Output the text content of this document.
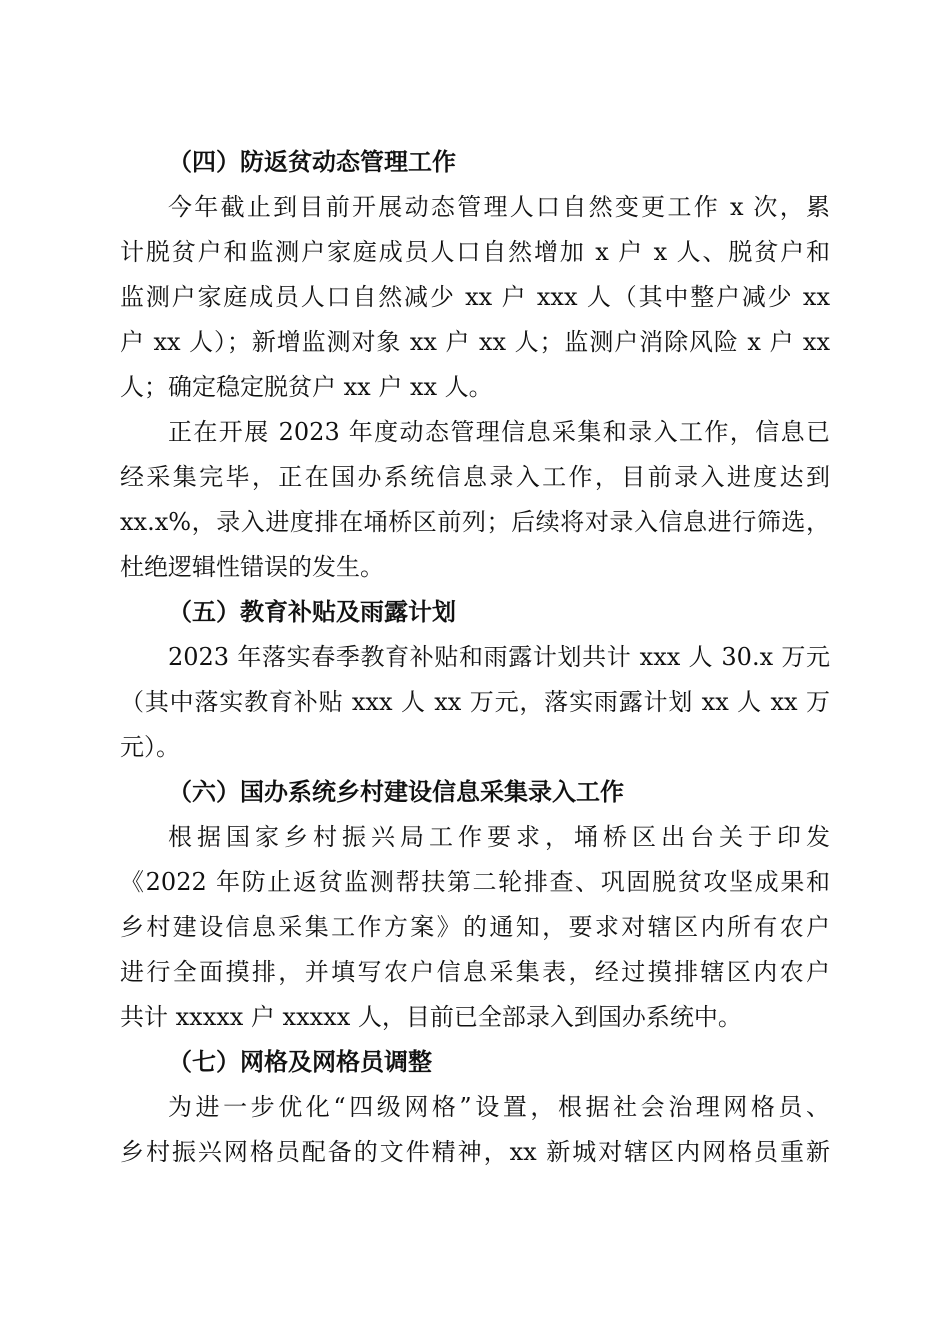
（四）防返贫动态管理工作
今年截止到目前开展动态管理人口自然变更工作 x 次，累
计脱贫户和监测户家庭成员人口自然增加 x 户 x 人、脱贫户和
监测户家庭成员人口自然减少 xx 户 xxx 人（其中整户减少 xx
户 xx 人）；新增监测对象 xx 户 xx 人；监测户消除风险 x 户 xx
人；确定稳定脱贫户 xx 户 xx 人。
正在开展 2023 年度动态管理信息采集和录入工作，信息已
经采集完毕，正在国办系统信息录入工作，目前录入进度达到
xx.x%，录入进度排在埇桥区前列；后续将对录入信息进行筛选，
杜绝逻辑性错误的发生。
（五）教育补贴及雨露计划
2023 年落实春季教育补贴和雨露计划共计 xxx 人 30.x 万元
（其中落实教育补贴 xxx 人 xx 万元，落实雨露计划 xx 人 xx 万
元）。
（六）国办系统乡村建设信息采集录入工作
根据国家乡村振兴局工作要求，埇桥区出台关于印发
《2022 年防止返贫监测帮扶第二轮排查、巩固脱贫攻坚成果和
乡村建设信息采集工作方案》的通知，要求对辖区内所有农户
进行全面摸排，并填写农户信息采集表，经过摸排辖区内农户
共计 xxxxx 户 xxxxx 人，目前已全部录入到国办系统中。
（七）网格及网格员调整
为进一步优化“四级网格”设置，根据社会治理网格员、
乡村振兴网格员配备的文件精神，xx 新城对辖区内网格员重新
